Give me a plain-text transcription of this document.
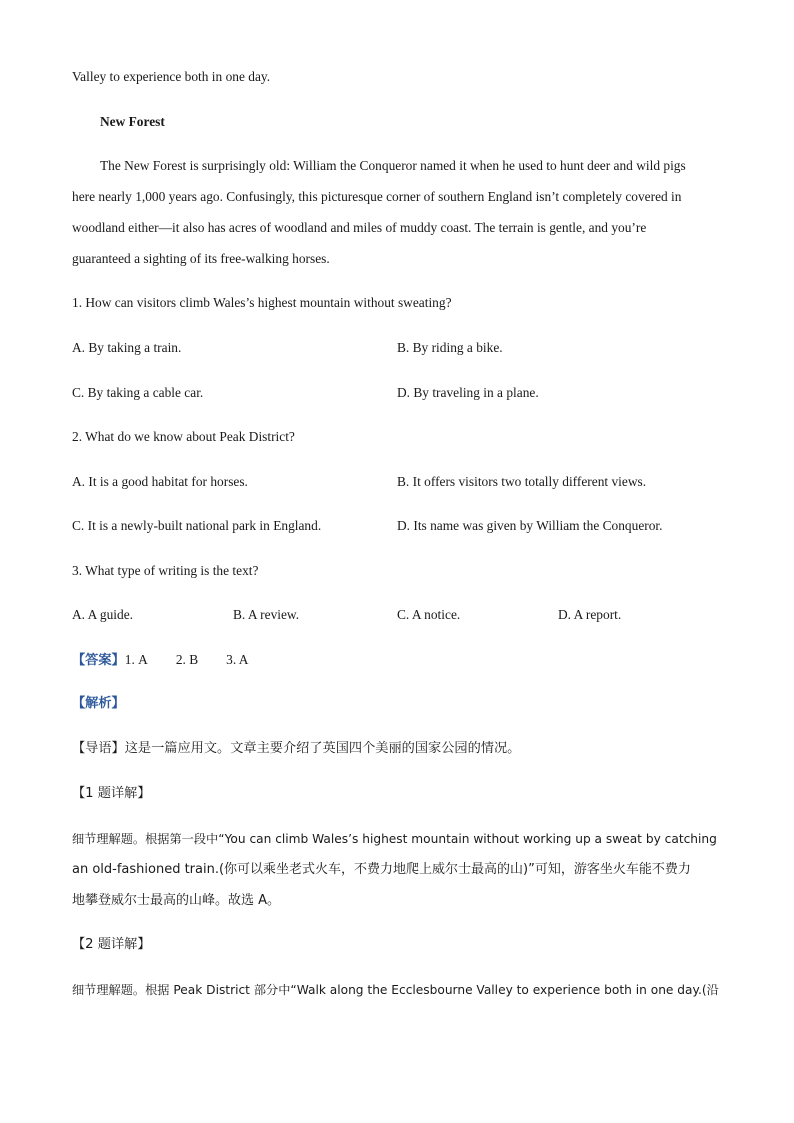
Valley to experience both in one day.
New Forest
The New Forest is surprisingly old: William the Conqueror named it when he used to hunt deer and wild pigs
here nearly 1,000 years ago. Confusingly, this picturesque corner of southern England isn’t completely covered in
woodland either—it also has acres of woodland and miles of muddy coast. The terrain is gentle, and you’re
guaranteed a sighting of its free-walking horses.
1. How can visitors climb Wales’s highest mountain without sweating?
A. By taking a train.	B. By riding a bike.
C. By taking a cable car.	D. By traveling in a plane.
2. What do we know about Peak District?
A. It is a good habitat for horses.	B. It offers visitors two totally different views.
C. It is a newly-built national park in England.	D. Its name was given by William the Conqueror.
3. What type of writing is the text?
A. A guide.	B. A review.	C. A notice.	D. A report.
【答案】1. A 2. B 3. A
【解析】
【导语】这是一篇应用文。文章主要介绍了英国四个美丽的国家公园的情况。
【1 题详解】
细节理解题。根据第一段中“You can climb Wales’s highest mountain without working up a sweat by catching
an old-fashioned train.(你可以乘坐老式火车，不费力地爬上威尔士最高的山)”可知，游客坐火车能不费力
地攀登威尔士最高的山峰。故选 A。
【2 题详解】
细节理解题。根据 Peak District 部分中“Walk along the Ecclesbourne Valley to experience both in one day.(沿
